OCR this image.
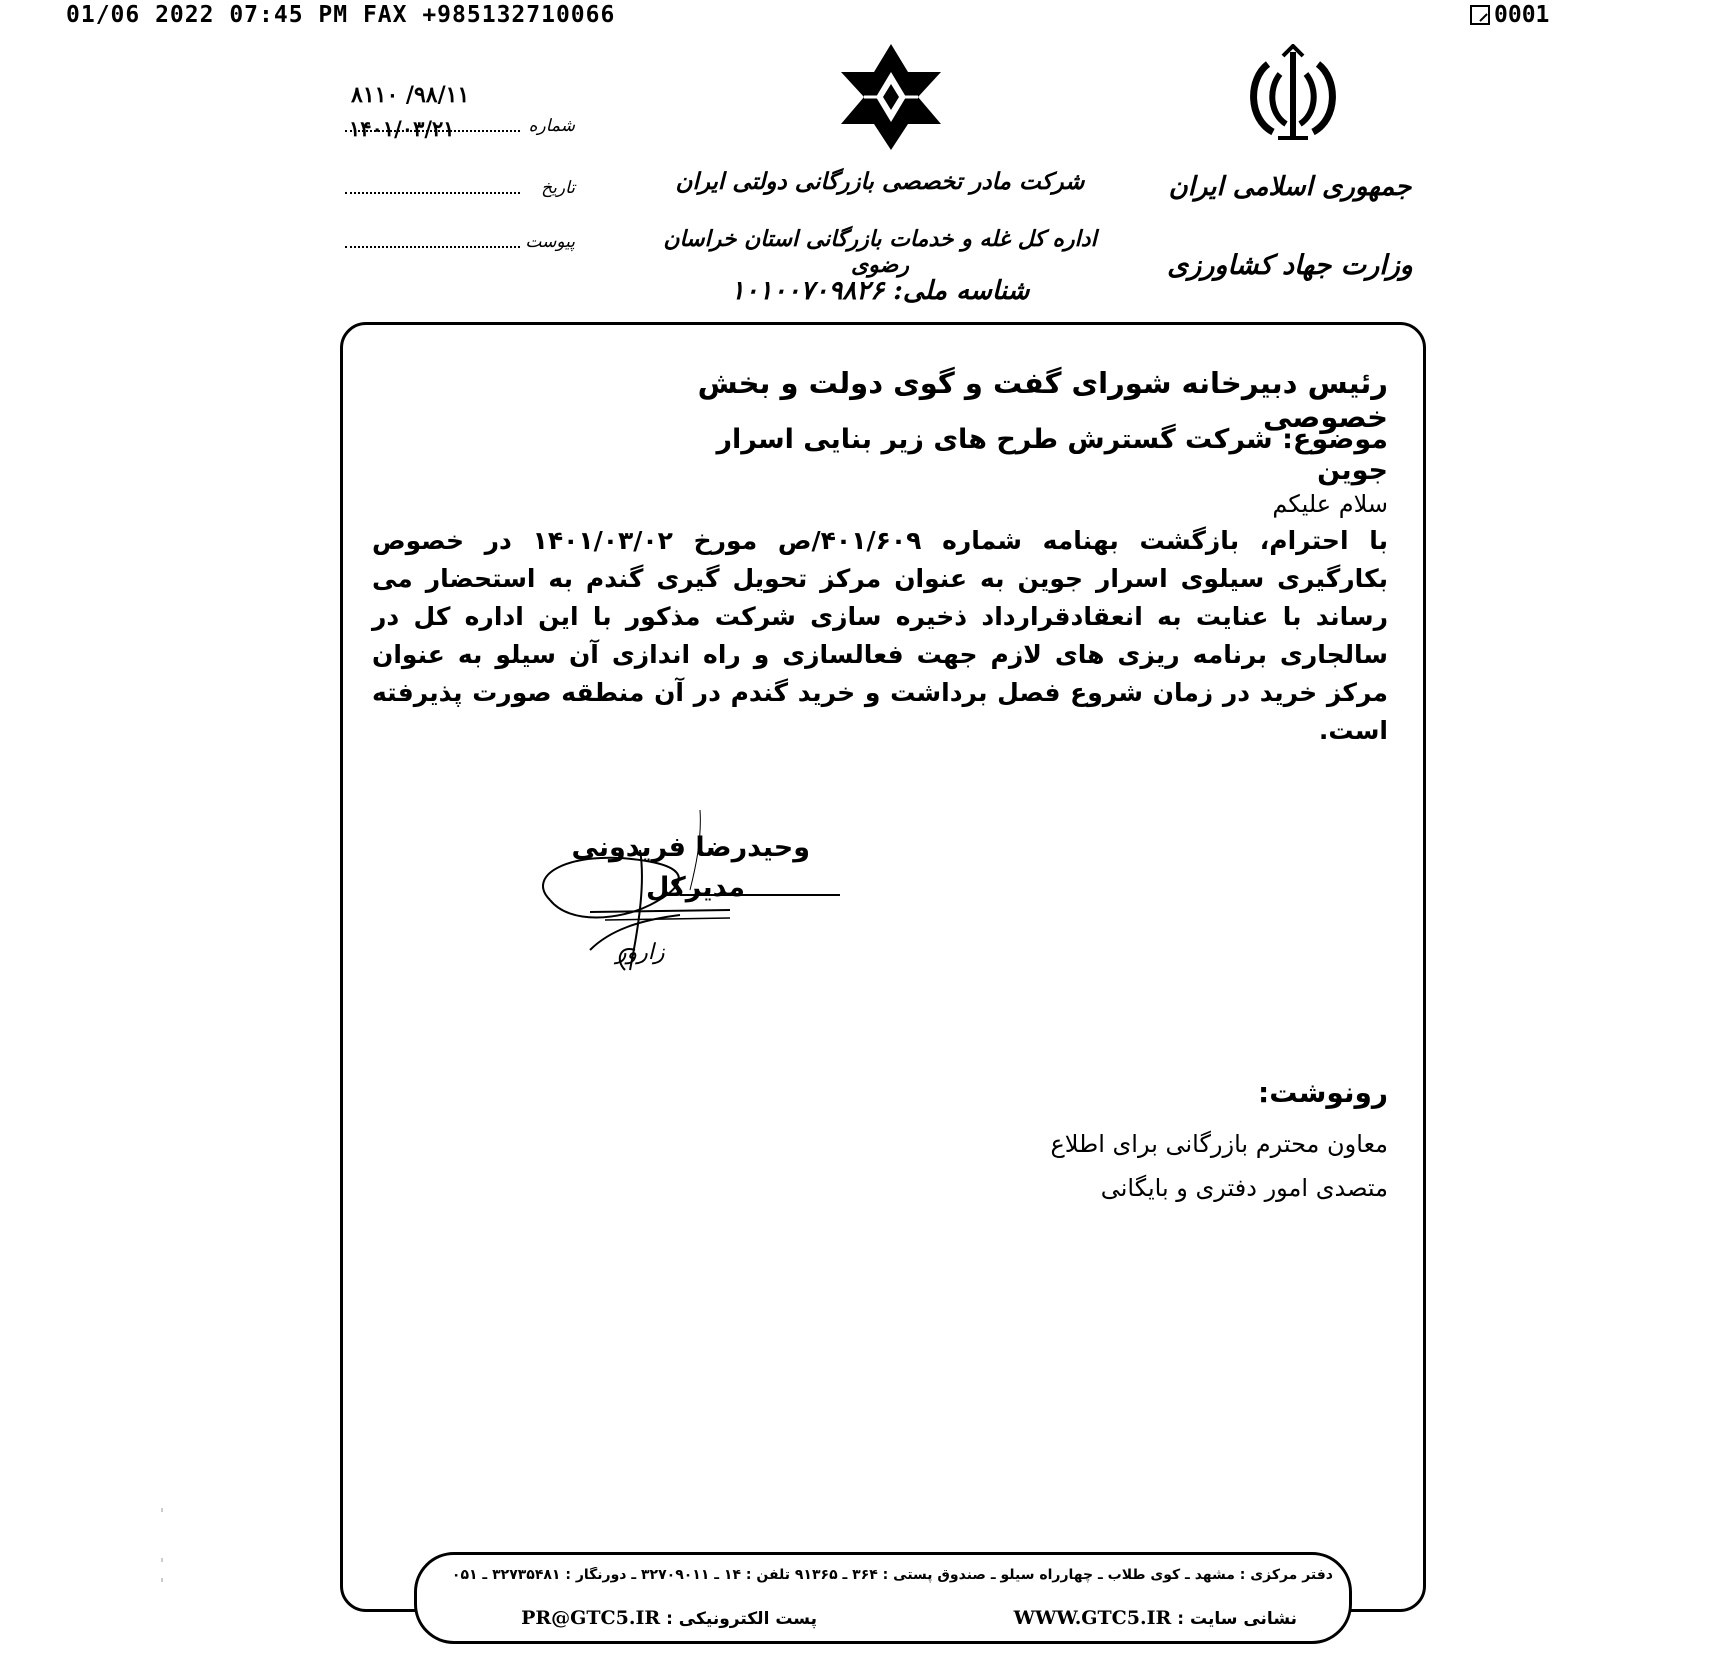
01/06 2022 07:45 PM FAX +985132710066	0001
۹۸/۱۱/ ۸۱۱۰
شماره
۱۴۰۱/۰۳/۲۱
تاریخ
پیوست
شرکت مادر تخصصی بازرگانی دولتی ایران
اداره کل غله و خدمات بازرگانی استان خراسان رضوی
شناسه ملی: ۱۰۱۰۰۷۰۹۸۲۶
جمهوری اسلامی ایران
وزارت جهاد کشاورزی
رئیس دبیرخانه شورای گفت و گوی دولت و بخش خصوصی
موضوع: شرکت گسترش طرح های زیر بنایی اسرار جوین
سلام علیکم
با احترام، بازگشت بهنامه شماره ۴۰۱/۶۰۹/ص مورخ ۱۴۰۱/۰۳/۰۲ در خصوص بکارگیری سیلوی اسرار جوین به عنوان مرکز تحویل گیری گندم به استحضار می رساند با عنایت به انعقادقرارداد ذخیره سازی شرکت مذکور با این اداره کل در سالجاری برنامه ریزی های لازم جهت فعالسازی و راه اندازی آن سیلو به عنوان مرکز خرید در زمان شروع فصل برداشت و خرید گندم در آن منطقه صورت پذیرفته است.
وحیدرضا فریدونی
مدیرکل
زارور
رونوشت:
معاون محترم بازرگانی برای اطلاع
متصدی امور دفتری و بایگانی
دفتر مرکزی : مشهد ـ کوی طلاب ـ چهارراه سیلو ـ صندوق پستی : ۳۶۴ ـ ۹۱۳۶۵ تلفن : ۱۴ ـ ۳۲۷۰۹۰۱۱ ـ دورنگار : ۳۲۷۳۵۴۸۱ ـ ۰۵۱
نشانی سایت : WWW.GTC5.IR
پست الکترونیکی : PR@GTC5.IR
